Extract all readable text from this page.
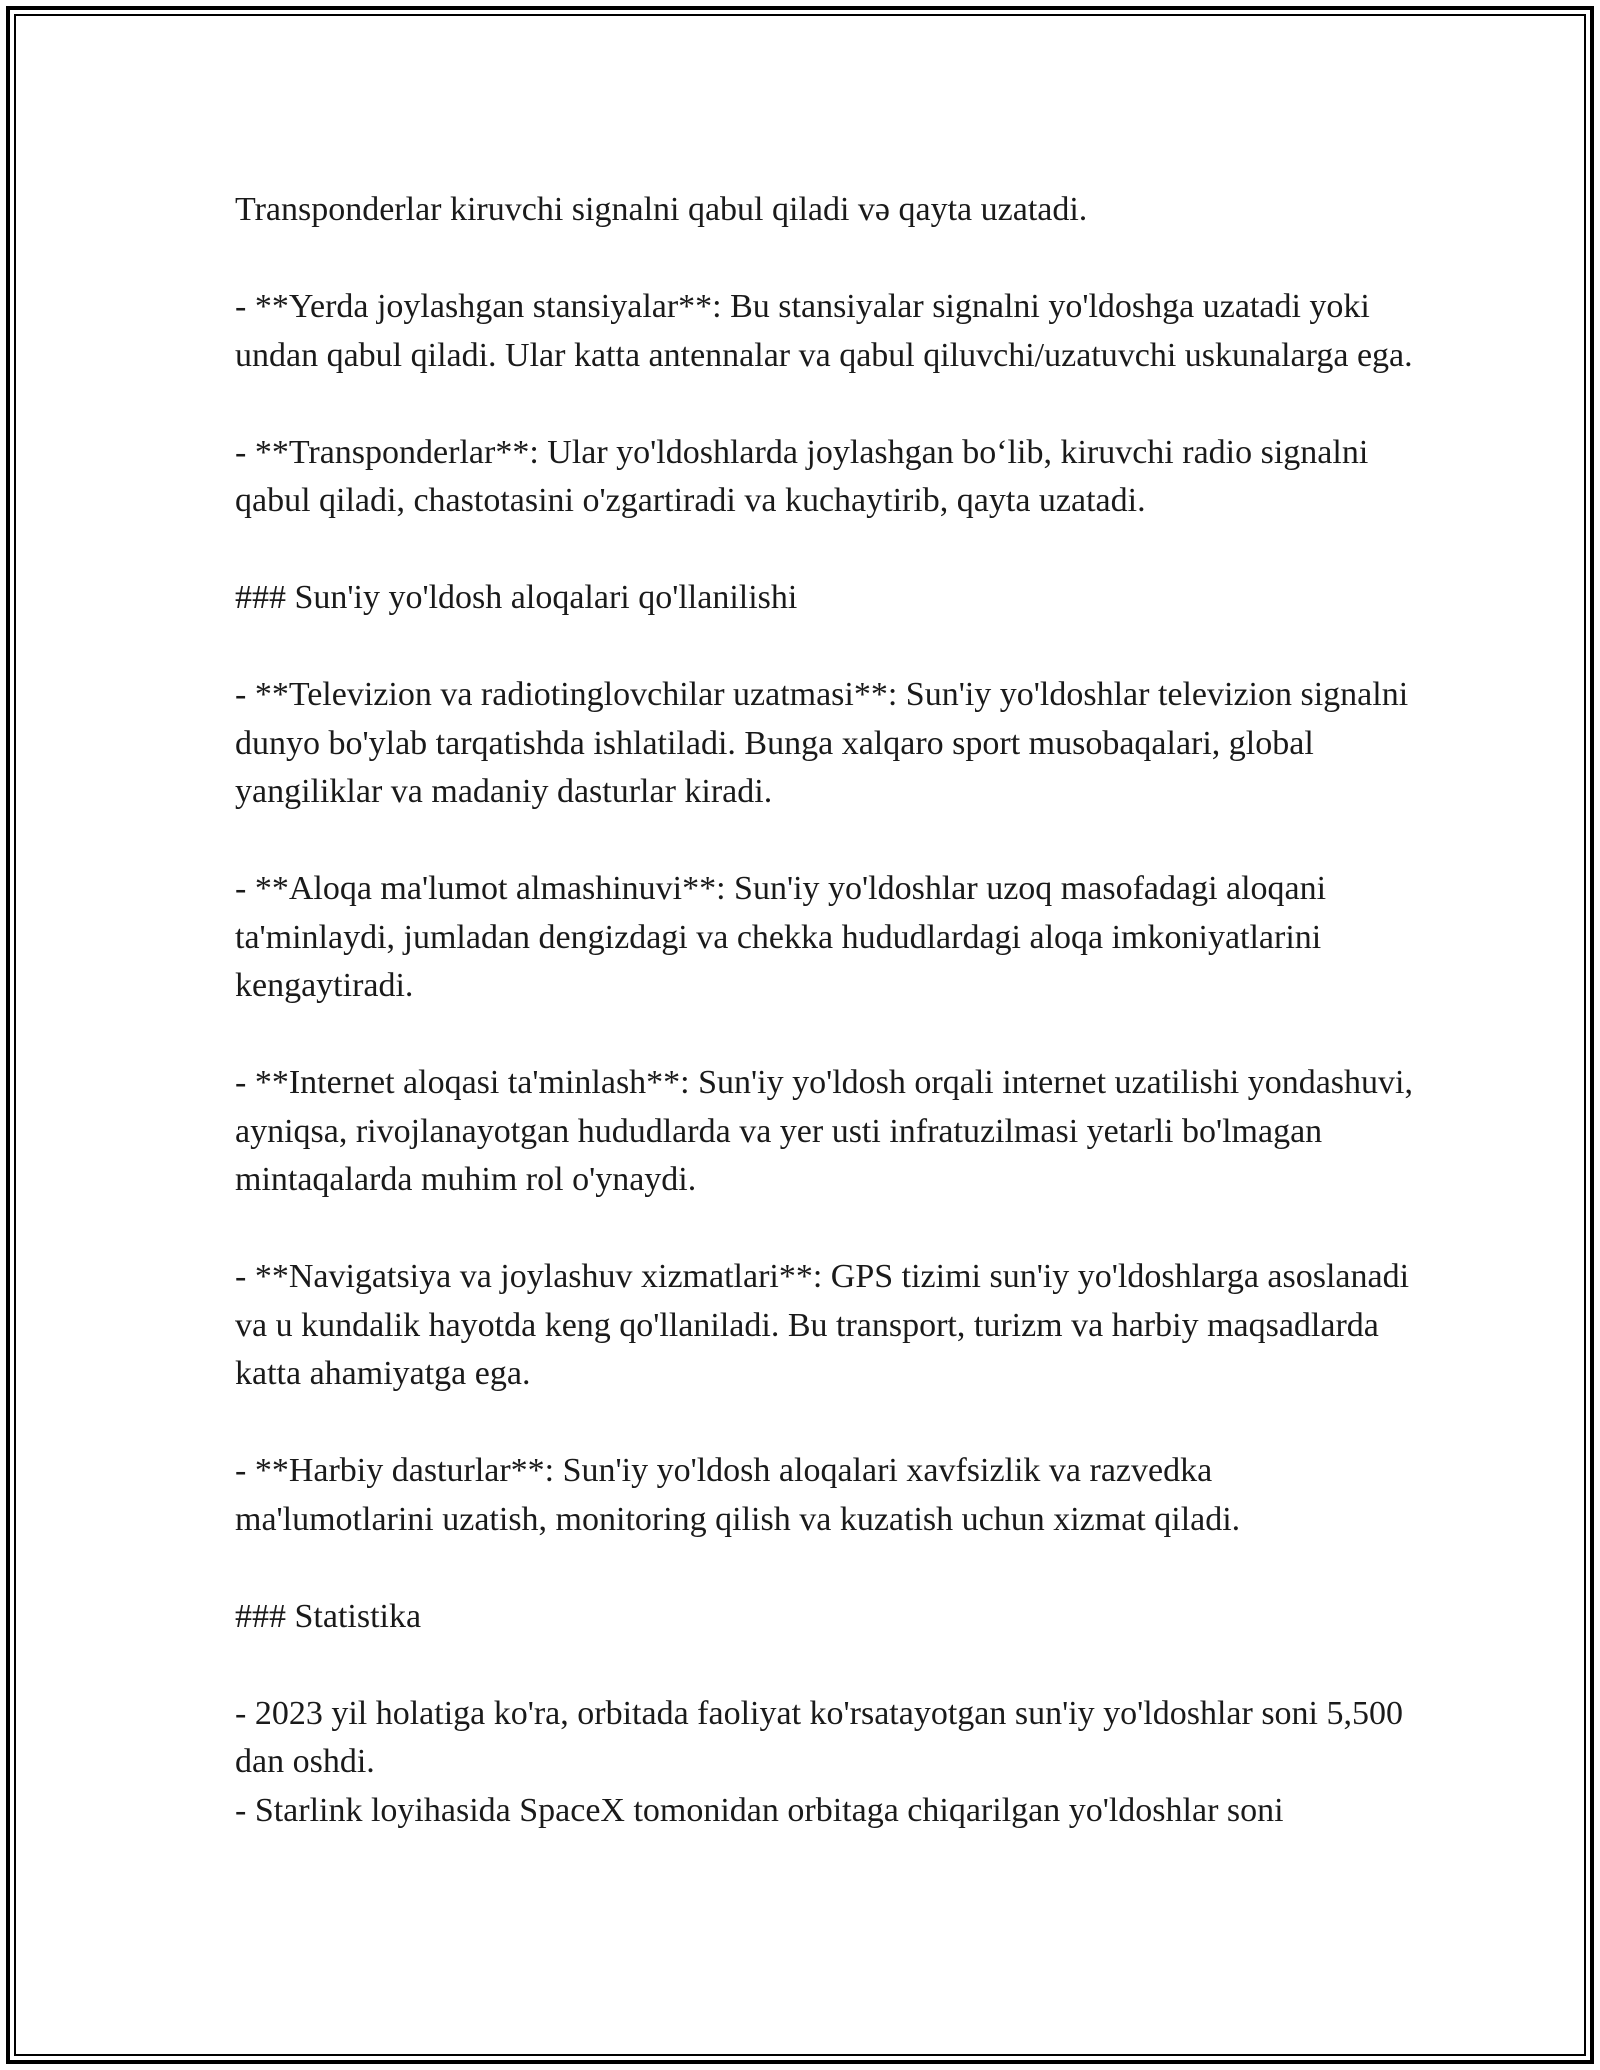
Transponderlar kiruvchi signalni qabul qiladi və qayta uzatadi.

- **Yerda joylashgan stansiyalar**: Bu stansiyalar signalni yo'ldoshga uzatadi yoki undan qabul qiladi. Ular katta antennalar va qabul qiluvchi/uzatuvchi uskunalarga ega.

- **Transponderlar**: Ular yo'ldoshlarda joylashgan bo‘lib, kiruvchi radio signalni qabul qiladi, chastotasini o'zgartiradi va kuchaytirib, qayta uzatadi.

### Sun'iy yo'ldosh aloqalari qo'llanilishi

- **Televizion va radiotinglovchilar uzatmasi**: Sun'iy yo'ldoshlar televizion signalni dunyo bo'ylab tarqatishda ishlatiladi. Bunga xalqaro sport musobaqalari, global yangiliklar va madaniy dasturlar kiradi.

- **Aloqa ma'lumot almashinuvi**: Sun'iy yo'ldoshlar uzoq masofadagi aloqani ta'minlaydi, jumladan dengizdagi va chekka hududlardagi aloqa imkoniyatlarini kengaytiradi.

- **Internet aloqasi ta'minlash**: Sun'iy yo'ldosh orqali internet uzatilishi yondashuvi, ayniqsa, rivojlanayotgan hududlarda va yer usti infratuzilmasi yetarli bo'lmagan mintaqalarda muhim rol o'ynaydi.

- **Navigatsiya va joylashuv xizmatlari**: GPS tizimi sun'iy yo'ldoshlarga asoslanadi va u kundalik hayotda keng qo'llaniladi. Bu transport, turizm va harbiy maqsadlarda katta ahamiyatga ega.

- **Harbiy dasturlar**: Sun'iy yo'ldosh aloqalari xavfsizlik va razvedka ma'lumotlarini uzatish, monitoring qilish va kuzatish uchun xizmat qiladi.

### Statistika

- 2023 yil holatiga ko'ra, orbitada faoliyat ko'rsatayotgan sun'iy yo'ldoshlar soni 5,500 dan oshdi.

- Starlink loyihasida SpaceX tomonidan orbitaga chiqarilgan yo'ldoshlar soni
